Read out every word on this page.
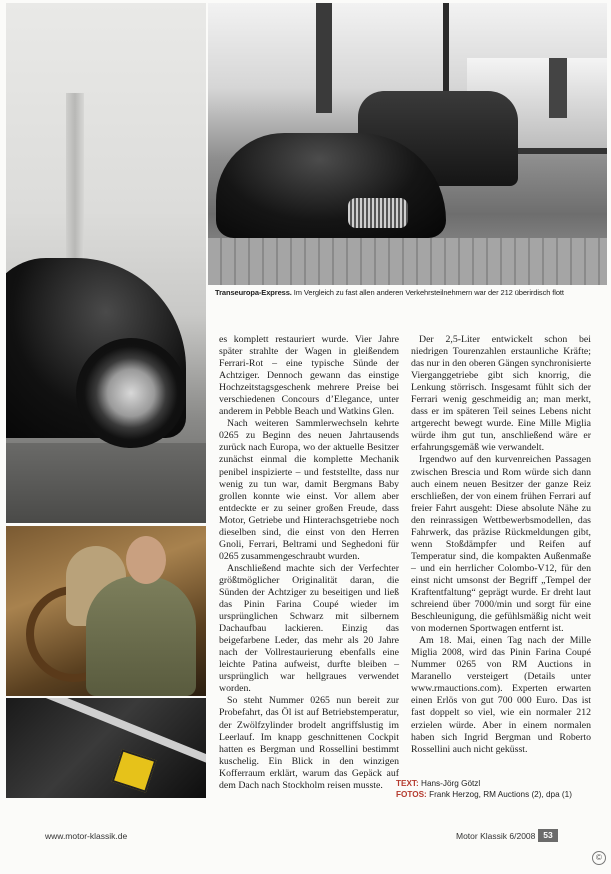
Transeuropa-Express. Im Vergleich zu fast allen anderen Verkehrsteilnehmern war der 212 überirdisch flott

es komplett restauriert wurde. Vier Jahre später strahlte der Wagen in gleißendem Ferrari-Rot – eine typische Sünde der Achtziger. Dennoch gewann das einstige Hochzeitstagsgeschenk mehrere Preise bei verschiedenen Concours d’Elegance, unter anderem in Pebble Beach und Watkins Glen.

Nach weiteren Sammlerwechseln kehrte 0265 zu Beginn des neuen Jahrtausends zurück nach Europa, wo der aktuelle Besitzer zunächst einmal die komplette Mechanik penibel inspizierte – und feststellte, dass nur wenig zu tun war, damit Bergmans Baby grollen konnte wie einst. Vor allem aber entdeckte er zu seiner großen Freude, dass Motor, Getriebe und Hinterachsgetriebe noch dieselben sind, die einst von den Herren Gnoli, Ferrari, Beltrami und Seghedoni für 0265 zusammengeschraubt wurden.

Anschließend machte sich der Verfechter größtmöglicher Originalität daran, die Sünden der Achtziger zu beseitigen und ließ das Pinin Farina Coupé wieder im ursprünglichen Schwarz mit silbernem Dachaufbau lackieren. Einzig das beigefarbene Leder, das mehr als 20 Jahre nach der Vollrestaurierung ebenfalls eine leichte Patina aufweist, durfte bleiben – ursprünglich war hellgraues verwendet worden.

So steht Nummer 0265 nun bereit zur Probefahrt, das Öl ist auf Betriebstemperatur, der Zwölfzylinder brodelt angriffslustig im Leerlauf. Im knapp geschnittenen Cockpit hatten es Bergman und Rossellini bestimmt kuschelig. Ein Blick in den winzigen Kofferraum erklärt, warum das Gepäck auf dem Dach nach Stockholm reisen musste.

Der 2,5-Liter entwickelt schon bei niedrigen Tourenzahlen erstaunliche Kräfte; das nur in den oberen Gängen synchronisierte Vierganggetriebe gibt sich knorrig, die Lenkung störrisch. Insgesamt fühlt sich der Ferrari wenig geschmeidig an; man merkt, dass er im späteren Teil seines Lebens nicht artgerecht bewegt wurde. Eine Mille Miglia würde ihm gut tun, anschließend wäre er erfahrungsgemäß wie verwandelt.

Irgendwo auf den kurvenreichen Passagen zwischen Brescia und Rom würde sich dann auch einem neuen Besitzer der ganze Reiz erschließen, der von einem frühen Ferrari auf freier Fahrt ausgeht: Diese absolute Nähe zu den reinrassigen Wettbewerbsmodellen, das Fahrwerk, das präzise Rückmeldungen gibt, wenn Stoßdämpfer und Reifen auf Temperatur sind, die kompakten Außenmaße – und ein herrlicher Colombo-V12, für den einst nicht umsonst der Begriff „Tempel der Kraftentfaltung“ geprägt wurde. Er dreht laut schreiend über 7000/min und sorgt für eine Beschleunigung, die gefühlsmäßig nicht weit von modernen Sportwagen entfernt ist.

Am 18. Mai, einen Tag nach der Mille Miglia 2008, wird das Pinin Farina Coupé Nummer 0265 von RM Auctions in Maranello versteigert (Details unter www.rmauctions.com). Experten erwarten einen Erlös von gut 700 000 Euro. Das ist fast doppelt so viel, wie ein normaler 212 erzielen würde. Aber in einem normalen haben sich Ingrid Bergman und Roberto Rossellini auch nicht geküsst.

TEXT: Hans-Jörg Götzl
FOTOS: Frank Herzog, RM Auctions (2), dpa (1)
www.motor-klassik.de	Motor Klassik 6/2008 53
©
